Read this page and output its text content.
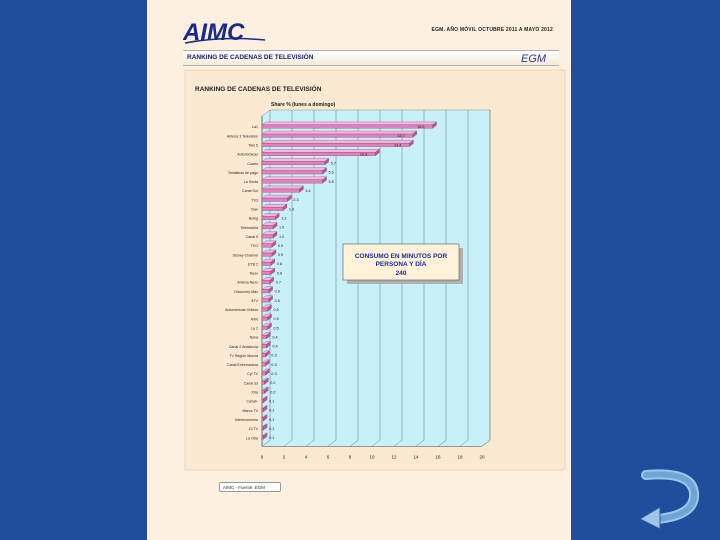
AIMC	EGM. AÑO MÓVIL OCTUBRE 2011 A MAYO 2012
RANKING DE CADENAS DE TELEVISIÓN	EGM
RANKING DE CADENAS DE TELEVISIÓN
Share % (lunes a domingo)
0	2	4	6	8	10	12	14	16	18	20
La1	15.5
Antena 3 Televisión	13.7
Tele 5	13.4
Autonómicas	10.3
Cuatro	5.7
Temáticas de pago	5.5
La Sexta	5.5
Canal Sur	3.4
TV3	2.3
Clan	1.9
Boing	1.2
Telemadrid	1.0
Canal 9	1.0
TVG	0.9
Disney Channel	0.9
ETB 2	0.8
Neox	0.8
Antena Neox	0.7
Discovery Max	0.6
8TV	0.6
Autonómicas Vídeos	0.5
AXN	0.5
La 2	0.5
Nova	0.4
Canal 2 Andalucía	0.4
TV Región Murcia	0.3
Canal Extremadura	0.3
Cyl TV	0.3
Canal 33	0.2
Xtra	0.2
Canal+	0.1
Marca TV	0.1
Intereconomía	0.1
13 TV	0.1
La Otra	0.1
CONSUMO EN MINUTOS POR
PERSONA Y DÍA
240
AIMC - Fuente: EGM
